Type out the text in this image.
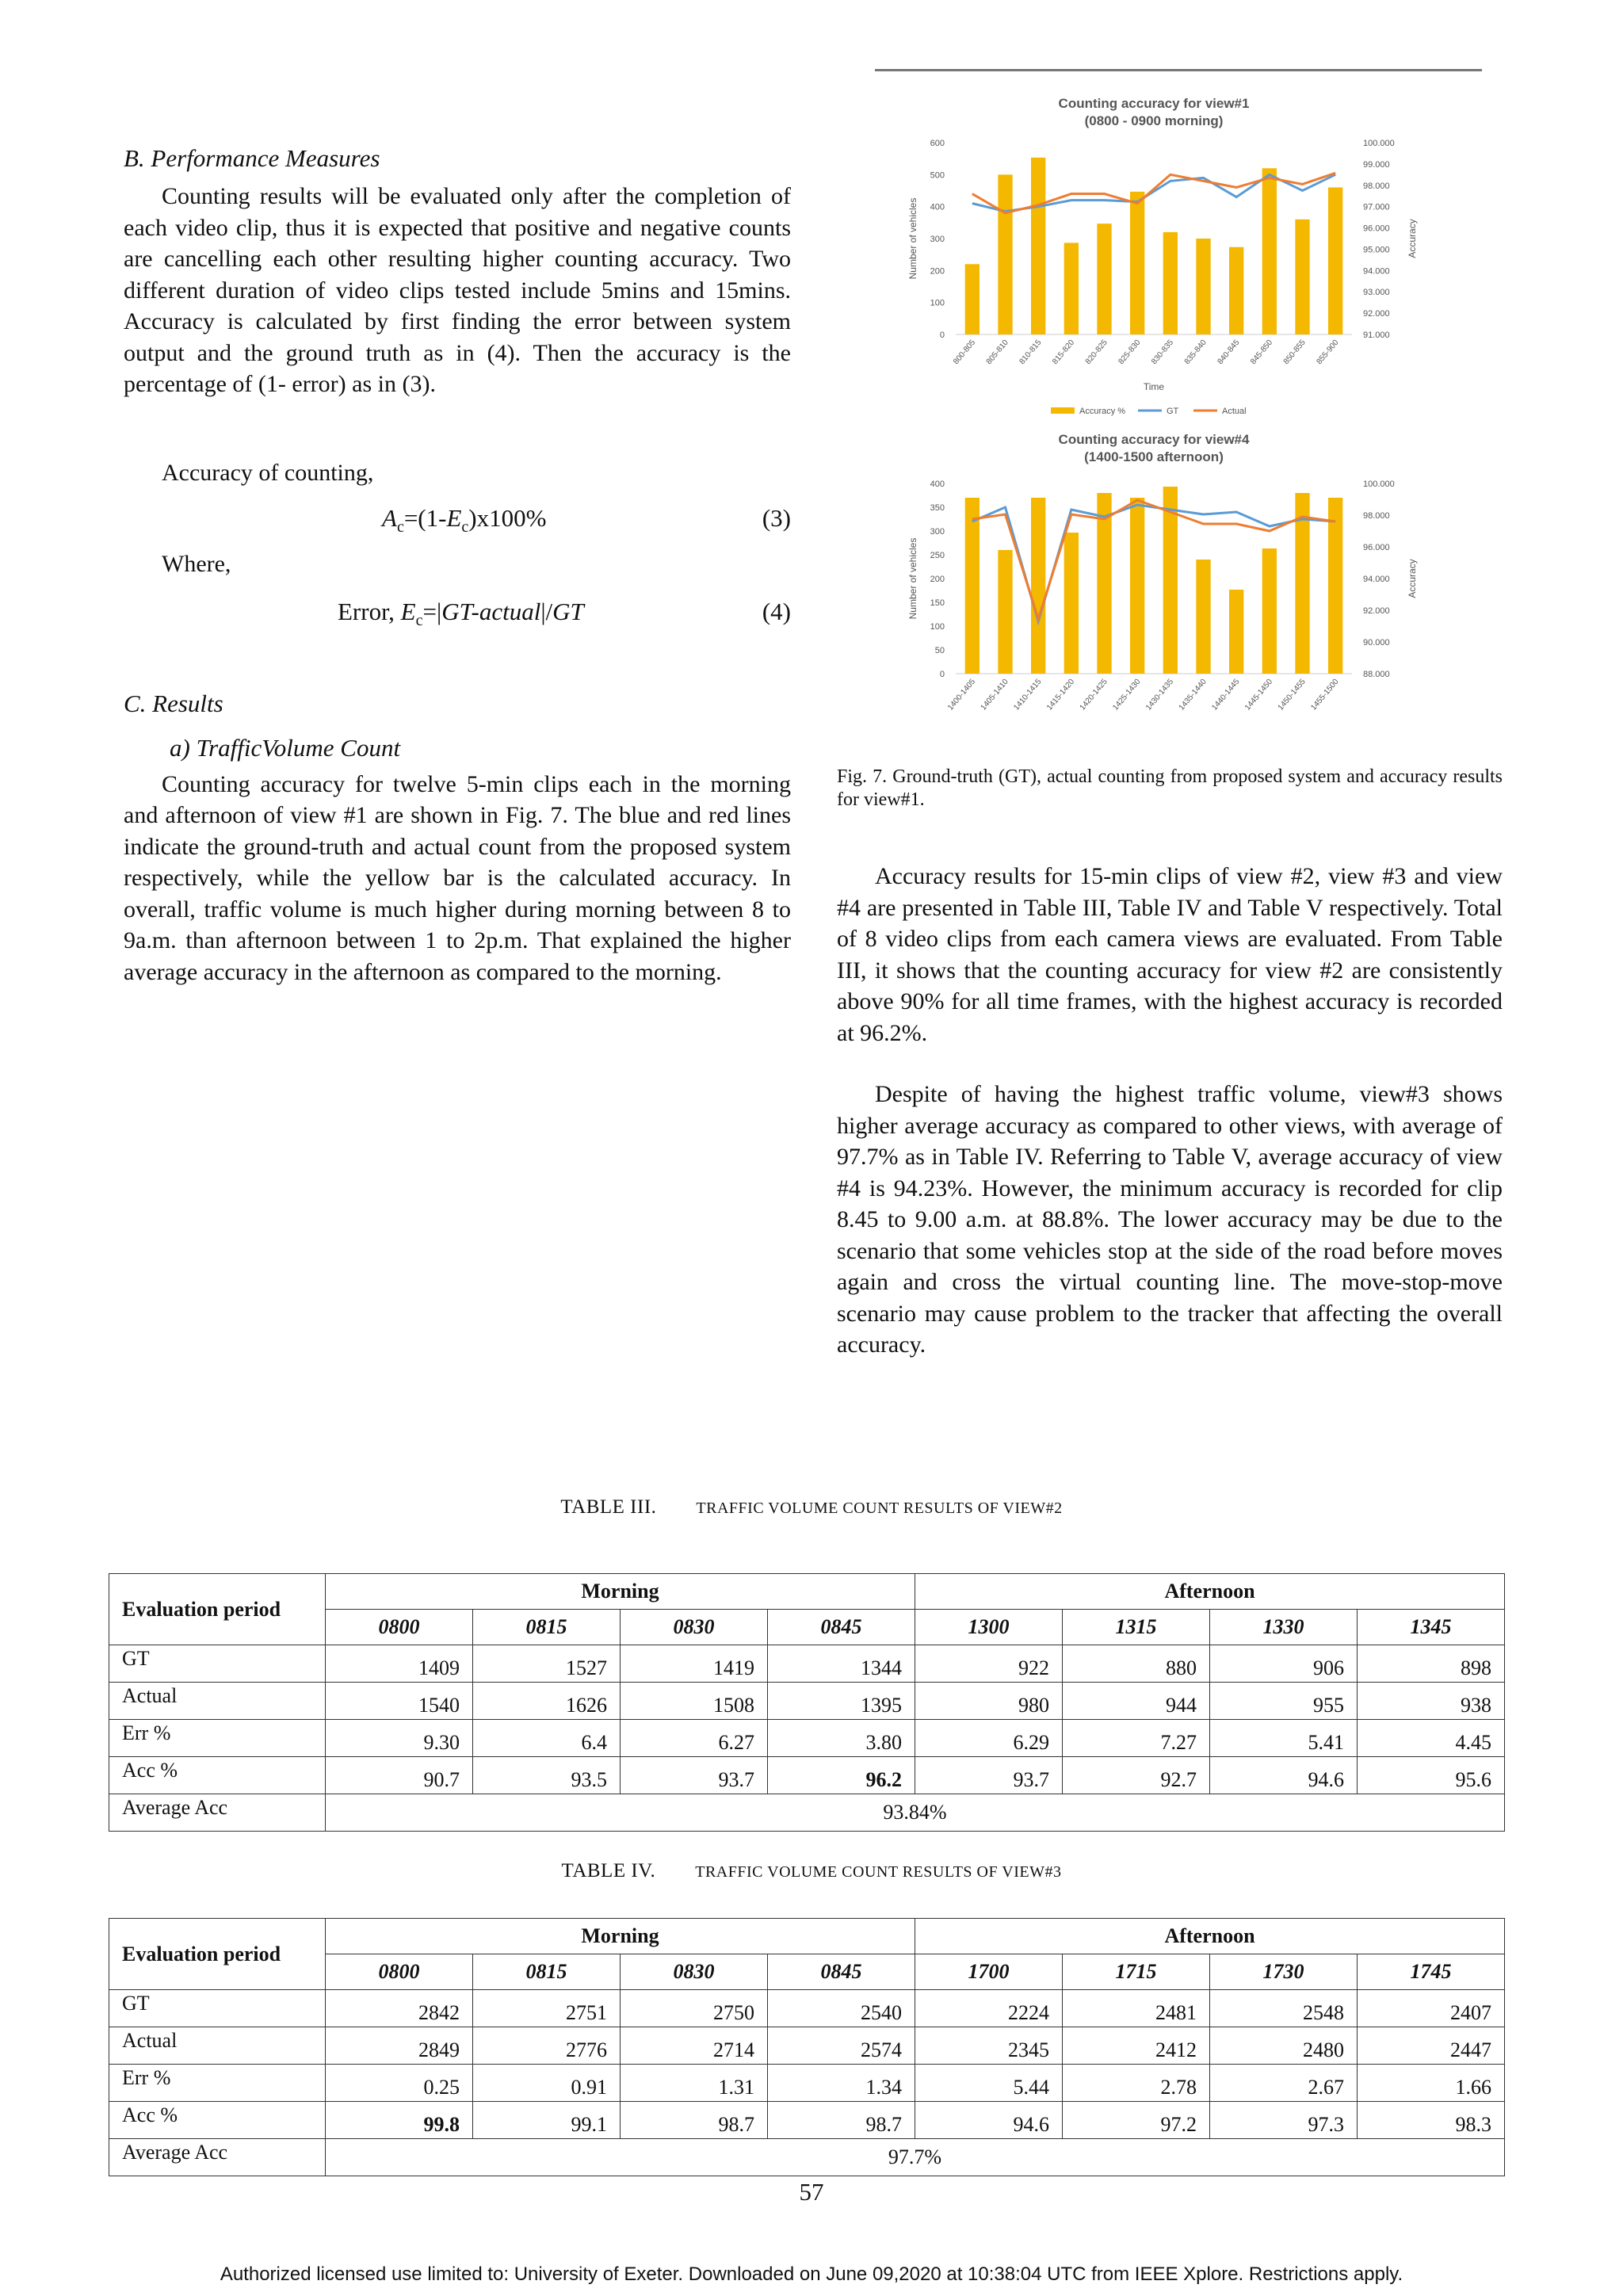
B. Performance Measures

Counting results will be evaluated only after the completion of each video clip, thus it is expected that positive and negative counts are cancelling each other resulting higher counting accuracy. Two different duration of video clips tested include 5mins and 15mins. Accuracy is calculated by first finding the error between system output and the ground truth as in (4). Then the accuracy is the percentage of (1- error) as in (3).

Accuracy of counting,

$A_c=(1-E_c)x100\%$	(3)

Where,

Error, $E_c=|GT-actual|/GT$	(4)

C. Results

a) TrafficVolume Count

Counting accuracy for twelve 5-min clips each in the morning and afternoon of view #1 are shown in Fig. 7. The blue and red lines indicate the ground-truth and actual count from the proposed system respectively, while the yellow bar is the calculated accuracy. In overall, traffic volume is much higher during morning between 8 to 9a.m. than afternoon between 1 to 2p.m. That explained the higher average accuracy in the afternoon as compared to the morning.

Counting accuracy for view#1
(0800 - 0900 morning)
0
100
200
300
400
500
600
91.000
92.000
93.000
94.000
95.000
96.000
97.000
98.000
99.000
100.000
Number of vehicles	Accuracy
800-805 805-810 810-815 815-820 820-825 825-830 830-835 835-840 840-845 845-850 850-855 855-900
Time
Accuracy %	GT	Actual
Counting accuracy for view#4
(1400-1500 afternoon)
0
50
100
150
200
250
300
350
400
88.000
90.000
92.000
94.000
96.000
98.000
100.000
Number of vehicles	Accuracy
1400-1405 1405-1410 1410-1415 1415-1420 1420-1425 1425-1430 1430-1435 1435-1440 1440-1445 1445-1450 1450-1455 1455-1500

Fig. 7. Ground-truth (GT), actual counting from proposed system and accuracy results for view#1.

Accuracy results for 15-min clips of view #2, view #3 and view #4 are presented in Table III, Table IV and Table V respectively. Total of 8 video clips from each camera views are evaluated. From Table III, it shows that the counting accuracy for view #2 are consistently above 90% for all time frames, with the highest accuracy is recorded at 96.2%.

Despite of having the highest traffic volume, view#3 shows higher average accuracy as compared to other views, with average of 97.7% as in Table IV. Referring to Table V, average accuracy of view #4 is 94.23%. However, the minimum accuracy is recorded for clip 8.45 to 9.00 a.m. at 88.8%. The lower accuracy may be due to the scenario that some vehicles stop at the side of the road before moves again and cross the virtual counting line. The move-stop-move scenario may cause problem to the tracker that affecting the overall accuracy.

TABLE III.	TRAFFIC VOLUME COUNT RESULTS OF VIEW#2
Evaluation period	Morning				Afternoon			
	0800	0815	0830	0845	1300	1315	1330	1345
GT	1409	1527	1419	1344	922	880	906	898
Actual	1540	1626	1508	1395	980	944	955	938
Err %	9.30	6.4	6.27	3.80	6.29	7.27	5.41	4.45
Acc %	90.7	93.5	93.7	96.2	93.7	92.7	94.6	95.6
Average Acc	93.84%							
TABLE IV.	TRAFFIC VOLUME COUNT RESULTS OF VIEW#3
Evaluation period	Morning				Afternoon			
	0800	0815	0830	0845	1700	1715	1730	1745
GT	2842	2751	2750	2540	2224	2481	2548	2407
Actual	2849	2776	2714	2574	2345	2412	2480	2447
Err %	0.25	0.91	1.31	1.34	5.44	2.78	2.67	1.66
Acc %	99.8	99.1	98.7	98.7	94.6	97.2	97.3	98.3
Average Acc	97.7%							
57
Authorized licensed use limited to: University of Exeter. Downloaded on June 09,2020 at 10:38:04 UTC from IEEE Xplore. Restrictions apply.
